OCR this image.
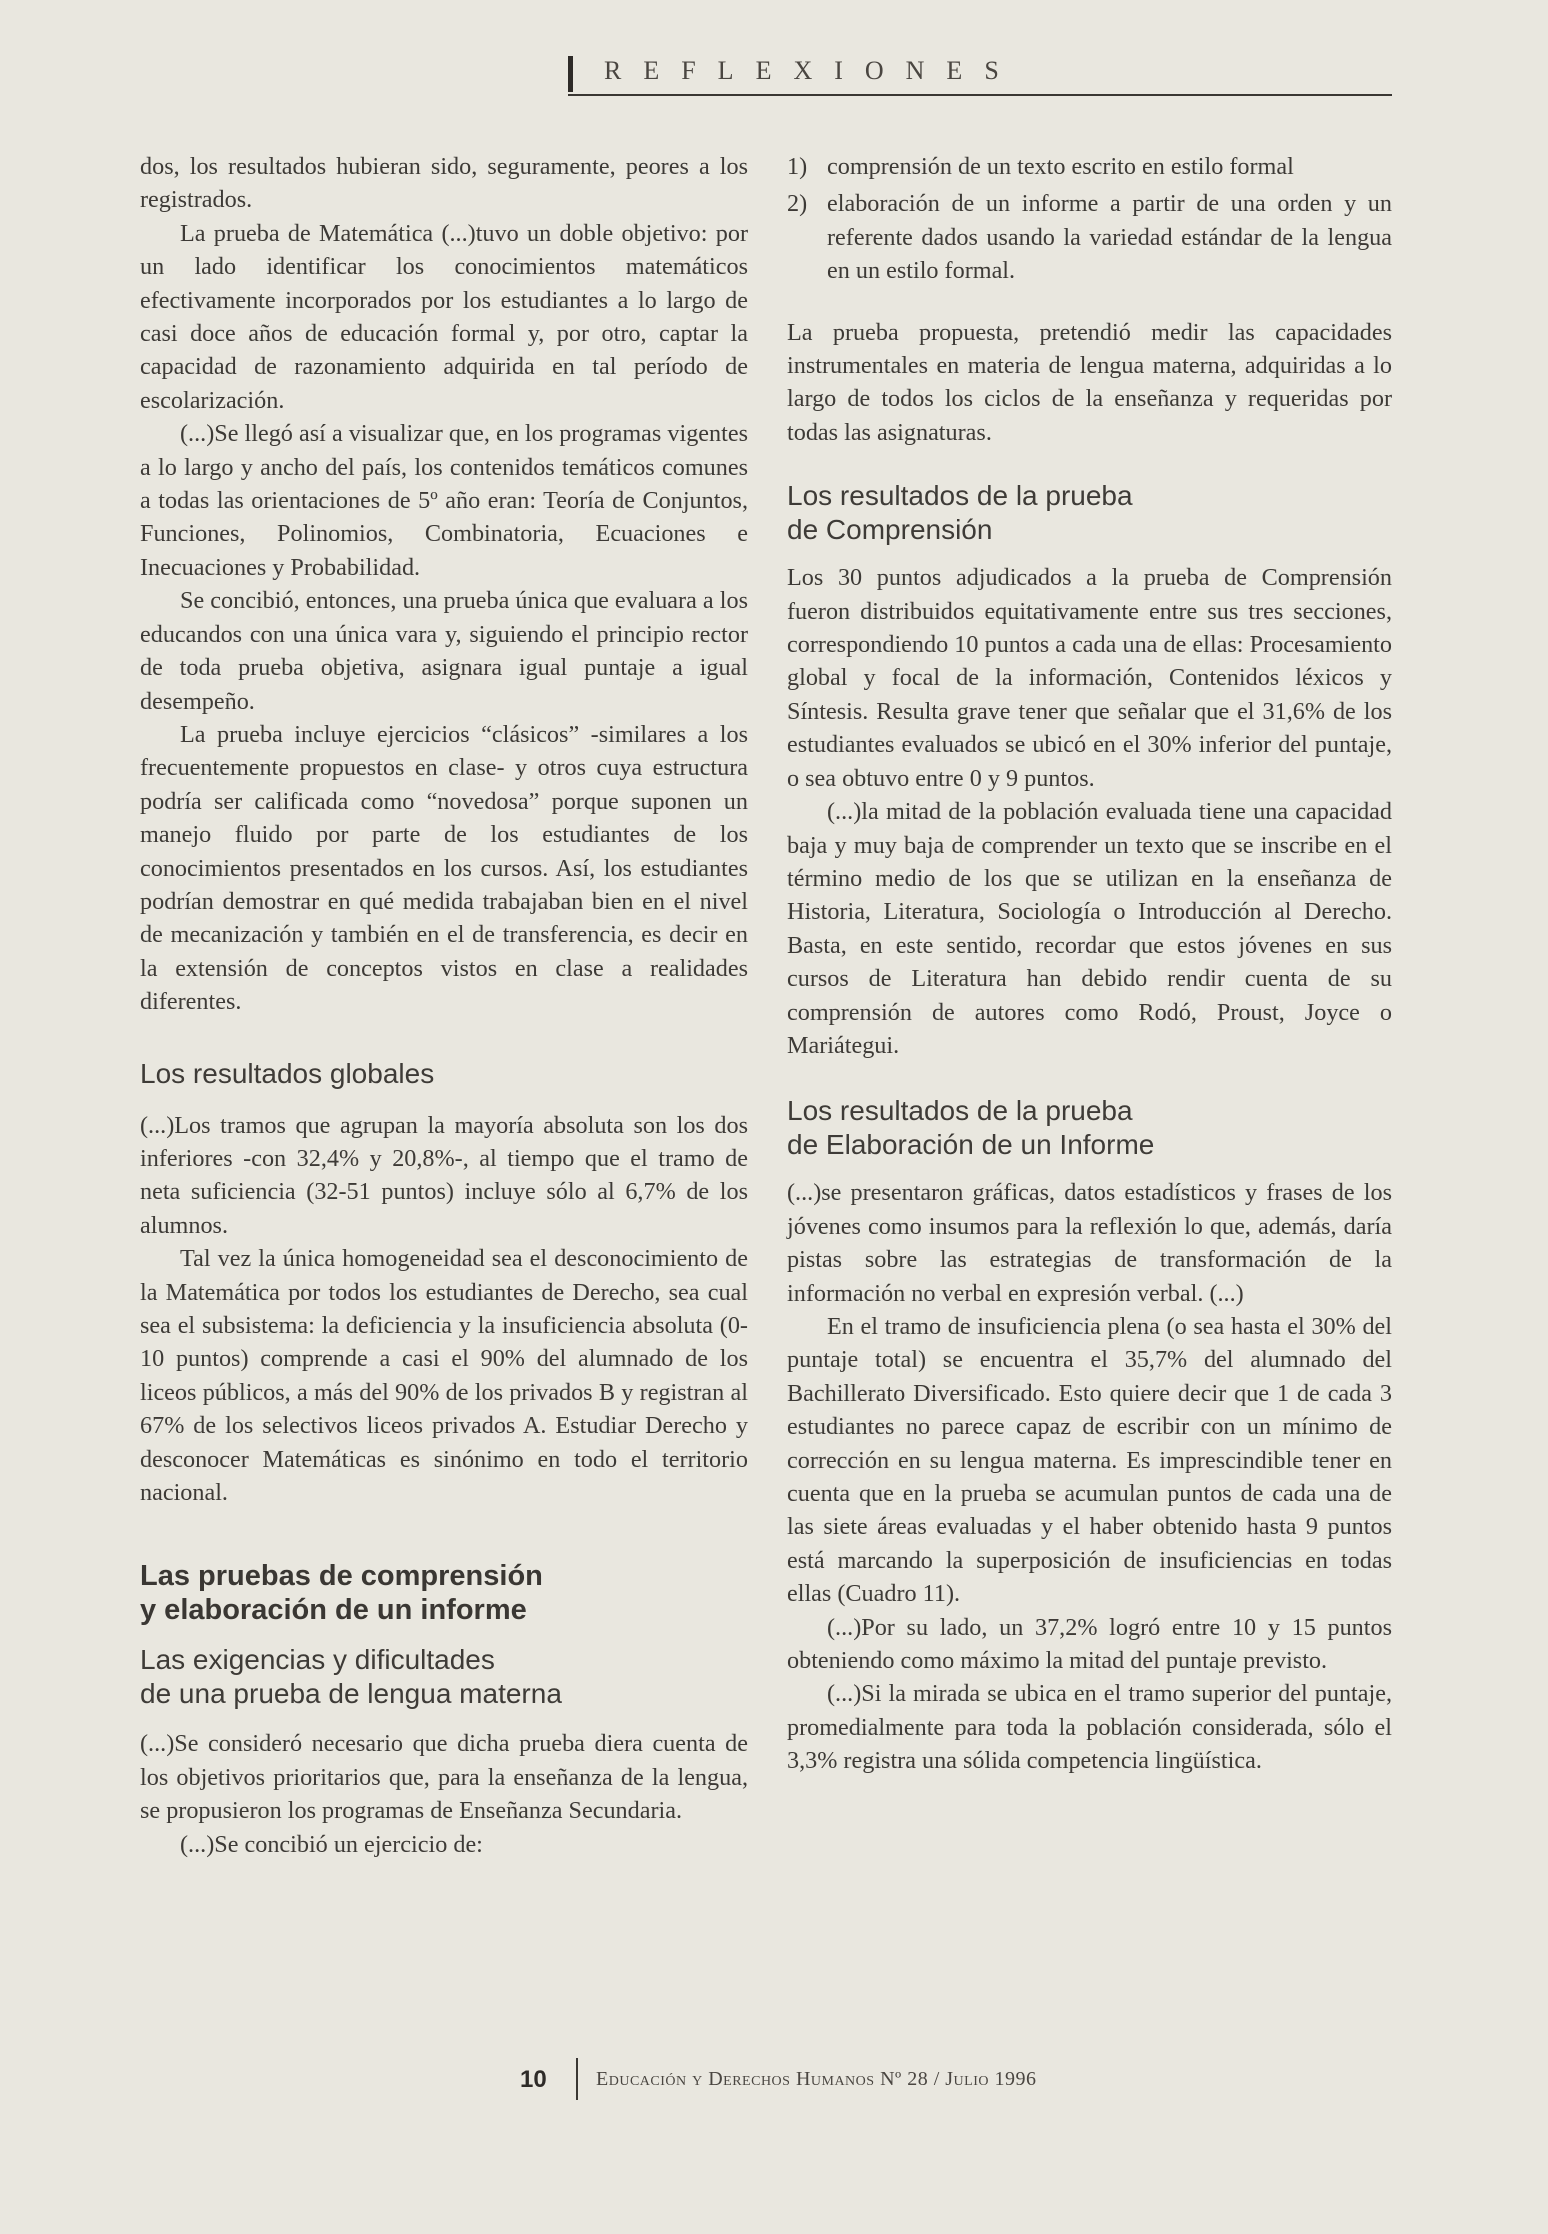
REFLEXIONES

dos, los resultados hubieran sido, seguramente, peores a los registrados.

La prueba de Matemática (...)tuvo un doble objetivo: por un lado identificar los conocimientos matemáticos efectivamente incorporados por los estudiantes a lo largo de casi doce años de educación formal y, por otro, captar la capacidad de razonamiento adquirida en tal período de escolarización.

(...)Se llegó así a visualizar que, en los programas vigentes a lo largo y ancho del país, los contenidos temáticos comunes a todas las orientaciones de 5º año eran: Teoría de Conjuntos, Funciones, Polinomios, Combinatoria, Ecuaciones e Inecuaciones y Probabilidad.

Se concibió, entonces, una prueba única que evaluara a los educandos con una única vara y, siguiendo el principio rector de toda prueba objetiva, asignara igual puntaje a igual desempeño.

La prueba incluye ejercicios “clásicos” -similares a los frecuentemente propuestos en clase- y otros cuya estructura podría ser calificada como “novedosa” porque suponen un manejo fluido por parte de los estudiantes de los conocimientos presentados en los cursos. Así, los estudiantes podrían demostrar en qué medida trabajaban bien en el nivel de mecanización y también en el de transferencia, es decir en la extensión de conceptos vistos en clase a realidades diferentes.

Los resultados globales

(...)Los tramos que agrupan la mayoría absoluta son los dos inferiores -con 32,4% y 20,8%-, al tiempo que el tramo de neta suficiencia (32-51 puntos) incluye sólo al 6,7% de los alumnos.

Tal vez la única homogeneidad sea el desconocimiento de la Matemática por todos los estudiantes de Derecho, sea cual sea el subsistema: la deficiencia y la insuficiencia absoluta (0-10 puntos) comprende a casi el 90% del alumnado de los liceos públicos, a más del 90% de los privados B y registran al 67% de los selectivos liceos privados A. Estudiar Derecho y desconocer Matemáticas es sinónimo en todo el territorio nacional.

Las pruebas de comprensión
y elaboración de un informe
Las exigencias y dificultades
de una prueba de lengua materna

(...)Se consideró necesario que dicha prueba diera cuenta de los objetivos prioritarios que, para la enseñanza de la lengua, se propusieron los programas de Enseñanza Secundaria.

(...)Se concibió un ejercicio de:

1) comprensión de un texto escrito en estilo formal
2) elaboración de un informe a partir de una orden y un referente dados usando la variedad estándar de la lengua en un estilo formal.

La prueba propuesta, pretendió medir las capacidades instrumentales en materia de lengua materna, adquiridas a lo largo de todos los ciclos de la enseñanza y requeridas por todas las asignaturas.

Los resultados de la prueba
de Comprensión

Los 30 puntos adjudicados a la prueba de Comprensión fueron distribuidos equitativamente entre sus tres secciones, correspondiendo 10 puntos a cada una de ellas: Procesamiento global y focal de la información, Contenidos léxicos y Síntesis. Resulta grave tener que señalar que el 31,6% de los estudiantes evaluados se ubicó en el 30% inferior del puntaje, o sea obtuvo entre 0 y 9 puntos.

(...)la mitad de la población evaluada tiene una capacidad baja y muy baja de comprender un texto que se inscribe en el término medio de los que se utilizan en la enseñanza de Historia, Literatura, Sociología o Introducción al Derecho. Basta, en este sentido, recordar que estos jóvenes en sus cursos de Literatura han debido rendir cuenta de su comprensión de autores como Rodó, Proust, Joyce o Mariátegui.

Los resultados de la prueba
de Elaboración de un Informe

(...)se presentaron gráficas, datos estadísticos y frases de los jóvenes como insumos para la reflexión lo que, además, daría pistas sobre las estrategias de transformación de la información no verbal en expresión verbal. (...)

En el tramo de insuficiencia plena (o sea hasta el 30% del puntaje total) se encuentra el 35,7% del alumnado del Bachillerato Diversificado. Esto quiere decir que 1 de cada 3 estudiantes no parece capaz de escribir con un mínimo de corrección en su lengua materna. Es imprescindible tener en cuenta que en la prueba se acumulan puntos de cada una de las siete áreas evaluadas y el haber obtenido hasta 9 puntos está marcando la superposición de insuficiencias en todas ellas (Cuadro 11).

(...)Por su lado, un 37,2% logró entre 10 y 15 puntos obteniendo como máximo la mitad del puntaje previsto.

(...)Si la mirada se ubica en el tramo superior del puntaje, promedialmente para toda la población considerada, sólo el 3,3% registra una sólida competencia lingüística.

10 Educación y Derechos Humanos Nº 28 / Julio 1996
